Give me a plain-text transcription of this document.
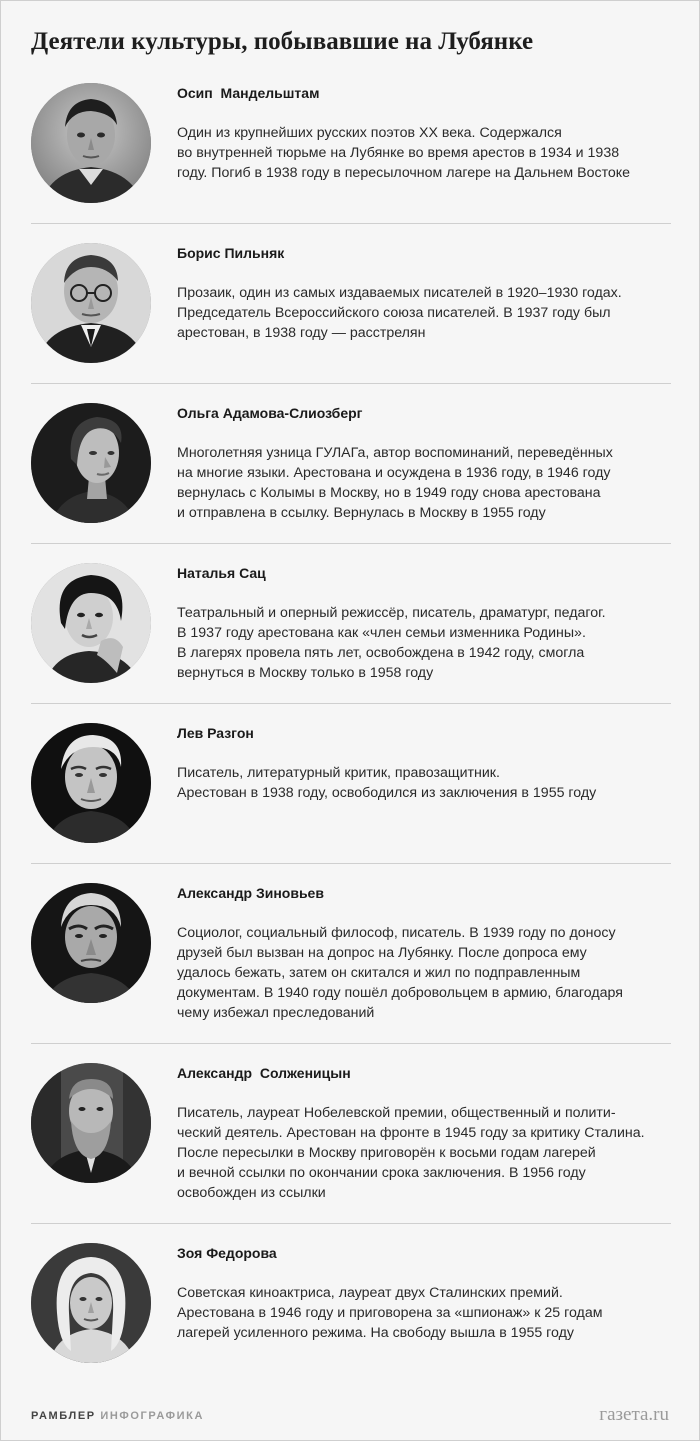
Деятели культуры, побывавшие на Лубянке
Осип  Мандельштам
Один из крупнейших русских поэтов XX века. Содержался
во внутренней тюрьме на Лубянке во время арестов в 1934 и 1938
году. Погиб в 1938 году в пересылочном лагере на Дальнем Востоке
Борис Пильняк
Прозаик, один из самых издаваемых писателей в 1920–1930 годах.
Председатель Всероссийского союза писателей. В 1937 году был
арестован, в 1938 году — расстрелян
Ольга Адамова-Слиозберг
Многолетняя узница ГУЛАГа, автор воспоминаний, переведённых
на многие языки. Арестована и осуждена в 1936 году, в 1946 году
вернулась с Колымы в Москву, но в 1949 году снова арестована
и отправлена в ссылку. Вернулась в Москву в 1955 году
Наталья Сац
Театральный и оперный режиссёр, писатель, драматург, педагог.
В 1937 году арестована как «член семьи изменника Родины».
В лагерях провела пять лет, освобождена в 1942 году, смогла
вернуться в Москву только в 1958 году
Лев Разгон
Писатель, литературный критик, правозащитник.
Арестован в 1938 году, освободился из заключения в 1955 году
Александр Зиновьев
Социолог, социальный философ, писатель. В 1939 году по доносу
друзей был вызван на допрос на Лубянку. После допроса ему
удалось бежать, затем он скитался и жил по подправленным
документам. В 1940 году пошёл добровольцем в армию, благодаря
чему избежал преследований
Александр  Солженицын
Писатель, лауреат Нобелевской премии, общественный и полити-
ческий деятель. Арестован на фронте в 1945 году за критику Сталина.
После пересылки в Москву приговорён к восьми годам лагерей
и вечной ссылки по окончании срока заключения. В 1956 году
освобожден из ссылки
Зоя Федорова
Советская киноактриса, лауреат двух Сталинских премий.
Арестована в 1946 году и приговорена за «шпионаж» к 25 годам
лагерей усиленного режима. На свободу вышла в 1955 году
РАМБЛЕР ИНФОГРАФИКА	газета.ru
